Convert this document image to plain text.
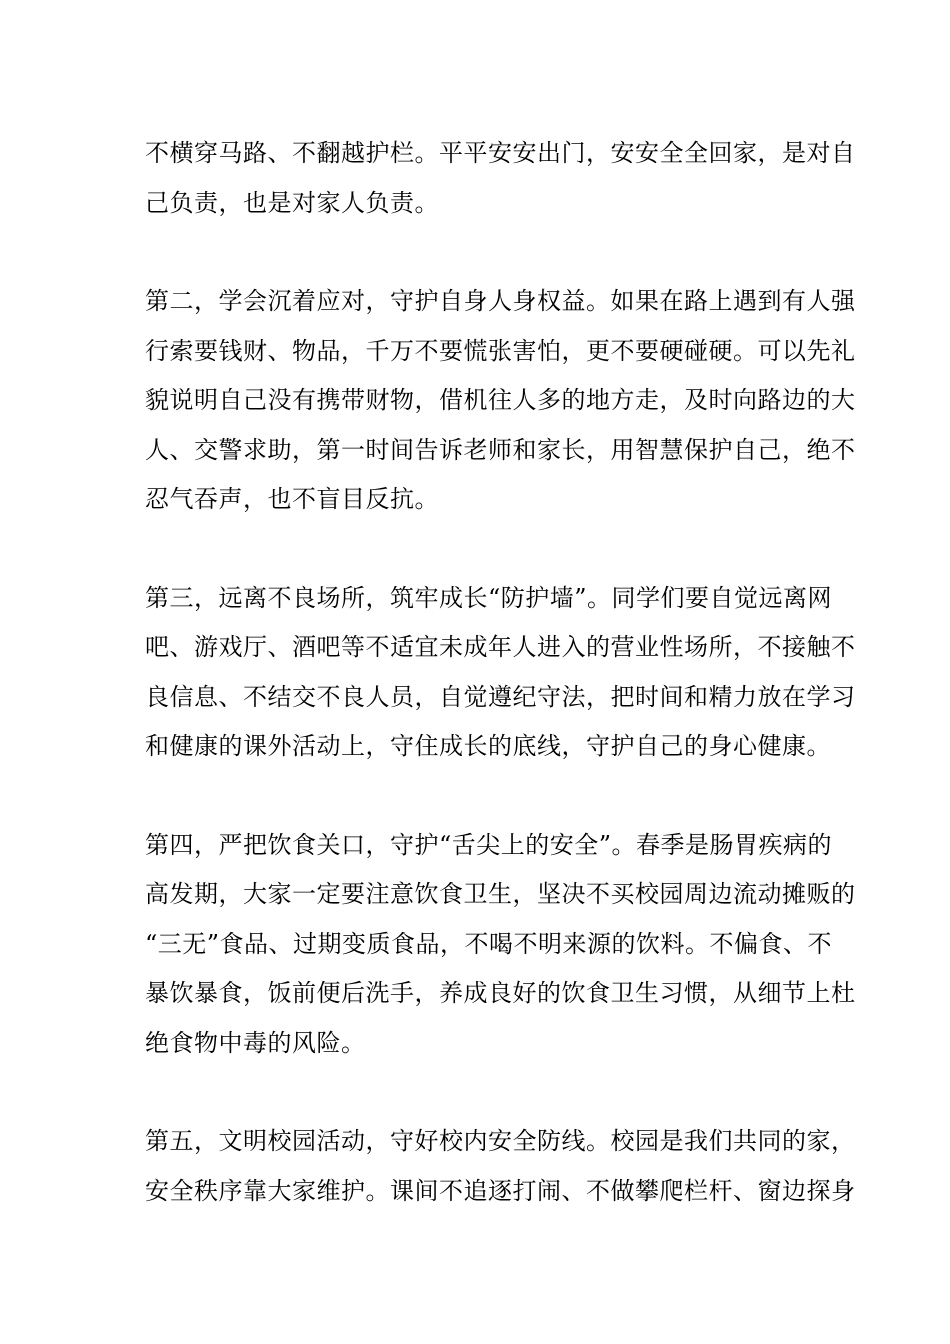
不横穿马路、不翻越护栏。平平安安出门，安安全全回家，是对自
己负责，也是对家人负责。
第二，学会沉着应对，守护自身人身权益。如果在路上遇到有人强
行索要钱财、物品，千万不要慌张害怕，更不要硬碰硬。可以先礼
貌说明自己没有携带财物，借机往人多的地方走，及时向路边的大
人、交警求助，第一时间告诉老师和家长，用智慧保护自己，绝不
忍气吞声，也不盲目反抗。
第三，远离不良场所，筑牢成长“防护墙”。同学们要自觉远离网
吧、游戏厅、酒吧等不适宜未成年人进入的营业性场所，不接触不
良信息、不结交不良人员，自觉遵纪守法，把时间和精力放在学习
和健康的课外活动上，守住成长的底线，守护自己的身心健康。
第四，严把饮食关口，守护“舌尖上的安全”。春季是肠胃疾病的
高发期，大家一定要注意饮食卫生，坚决不买校园周边流动摊贩的
“三无”食品、过期变质食品，不喝不明来源的饮料。不偏食、不
暴饮暴食，饭前便后洗手，养成良好的饮食卫生习惯，从细节上杜
绝食物中毒的风险。
第五，文明校园活动，守好校内安全防线。校园是我们共同的家，
安全秩序靠大家维护。课间不追逐打闹、不做攀爬栏杆、窗边探身
